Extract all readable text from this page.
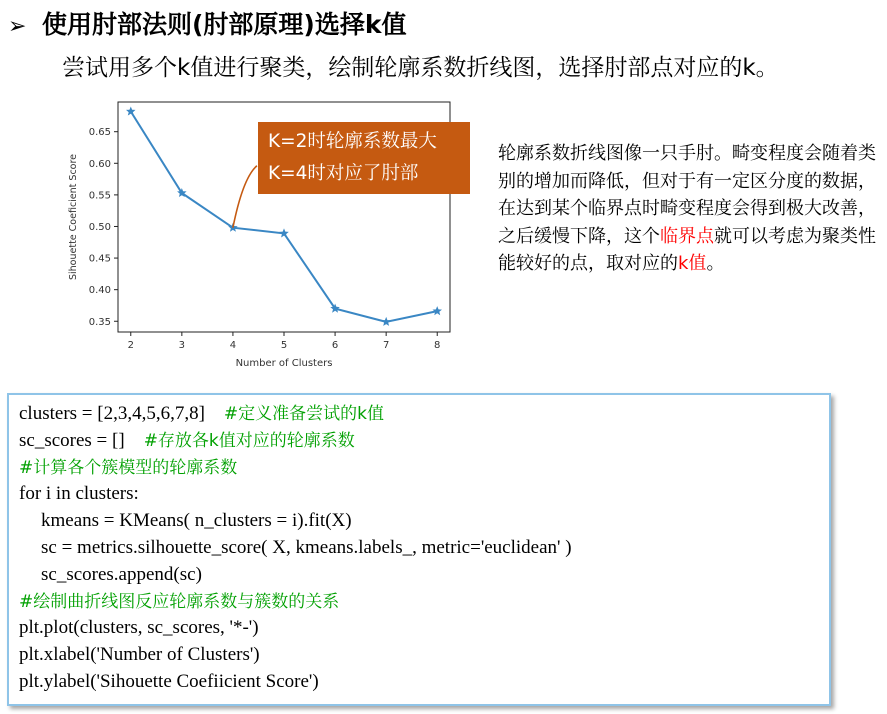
➢ 使用肘部法则(肘部原理)选择k值
尝试用多个k值进行聚类，绘制轮廓系数折线图，选择肘部点对应的k。
2	3	4	5	6	7	8
0.35
0.40
0.45
0.50
0.55
0.60
0.65
Number of Clusters
Sihouette Coeficient Score
K=2时轮廓系数最大
K=4时对应了肘部
轮廓系数折线图像一只手肘。畸变程度会随着类别的增加而降低，但对于有一定区分度的数据，在达到某个临界点时畸变程度会得到极大改善，之后缓慢下降，这个临界点就可以考虑为聚类性能较好的点，取对应的k值。
clusters = [2,3,4,5,6,7,8]    #定义准备尝试的k值
sc_scores = []    #存放各k值对应的轮廓系数
#计算各个簇模型的轮廓系数
for i in clusters:
kmeans = KMeans( n_clusters = i).fit(X)
sc = metrics.silhouette_score( X, kmeans.labels_, metric='euclidean' )
sc_scores.append(sc)
#绘制曲折线图反应轮廓系数与簇数的关系
plt.plot(clusters, sc_scores, '*-')
plt.xlabel('Number of Clusters')
plt.ylabel('Sihouette Coefiicient Score')
